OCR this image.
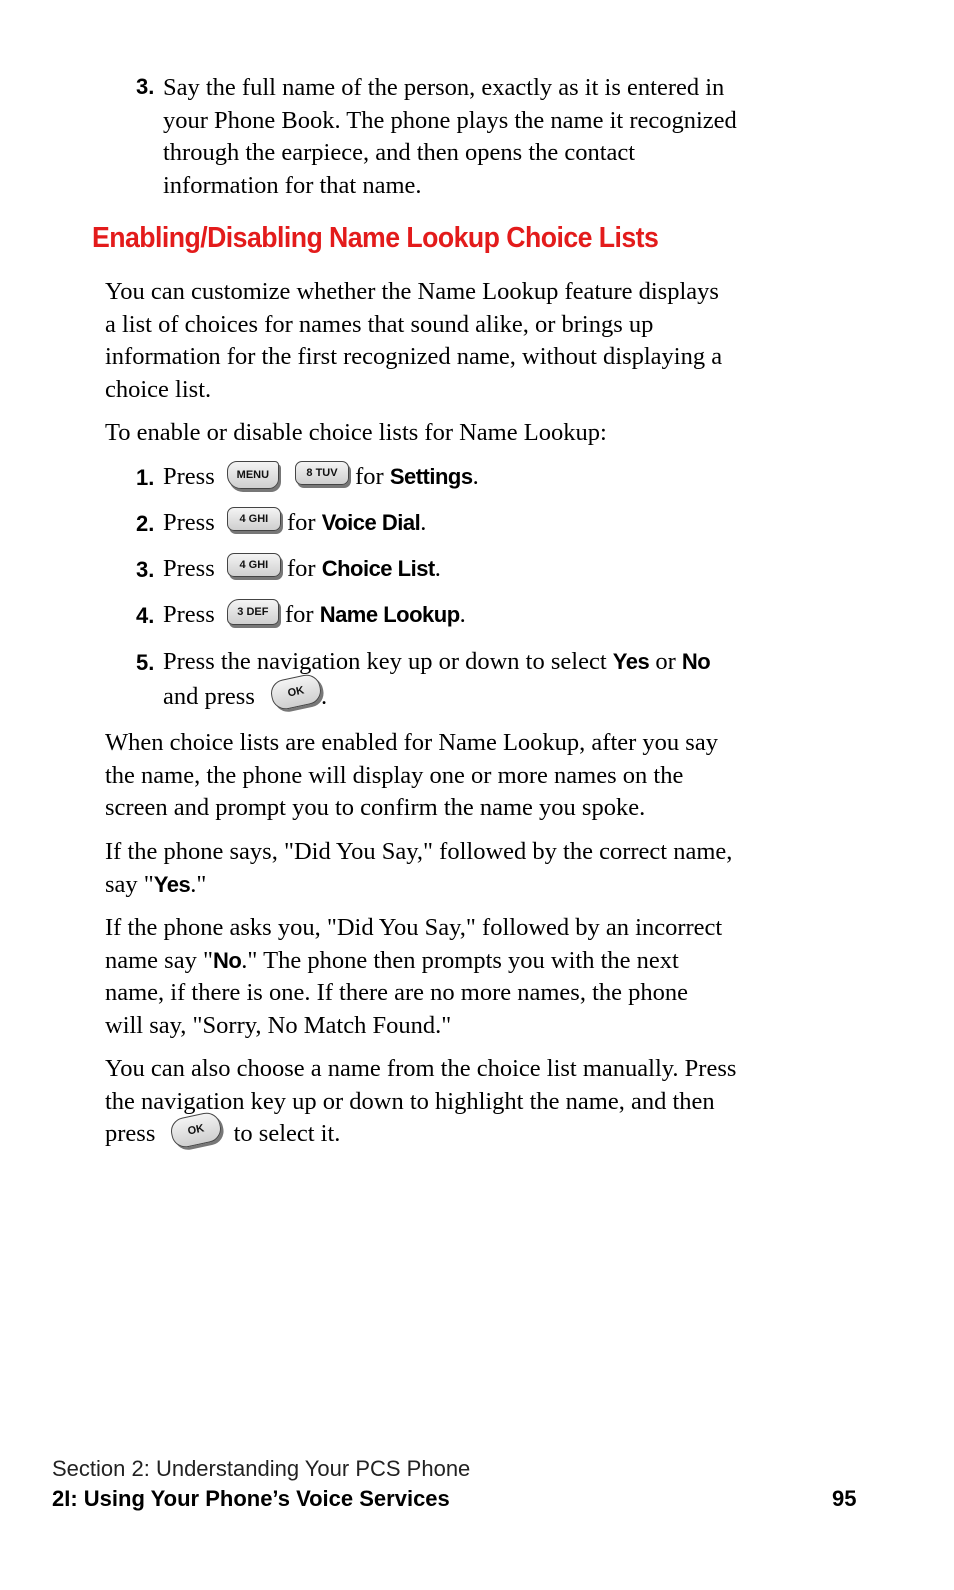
3. Say the full name of the person, exactly as it is entered in
your Phone Book. The phone plays the name it recognized
through the earpiece, and then opens the contact
information for that name.
Enabling/Disabling Name Lookup Choice Lists
You can customize whether the Name Lookup feature displays
a list of choices for names that sound alike, or brings up
information for the first recognized name, without displaying a
choice list.
To enable or disable choice lists for Name Lookup:
1. Press	MENU
	8 TUV for Settings.
2. Press	4 GHI for Voice Dial.
3. Press	4 GHI for Choice List.
4. Press	3 DEF for Name Lookup.
5. Press the navigation key up or down to select Yes or No
and press	OK .
When choice lists are enabled for Name Lookup, after you say
the name, the phone will display one or more names on the
screen and prompt you to confirm the name you spoke.
If the phone says, "Did You Say," followed by the correct name,
say "Yes."
If the phone asks you, "Did You Say," followed by an incorrect
name say "No." The phone then prompts you with the next
name, if there is one. If there are no more names, the phone
will say, "Sorry, No Match Found."
You can also choose a name from the choice list manually. Press
the navigation key up or down to highlight the name, and then
press	OK	to select it.
Section 2: Understanding Your PCS Phone
2I: Using Your Phone’s Voice Services	95
